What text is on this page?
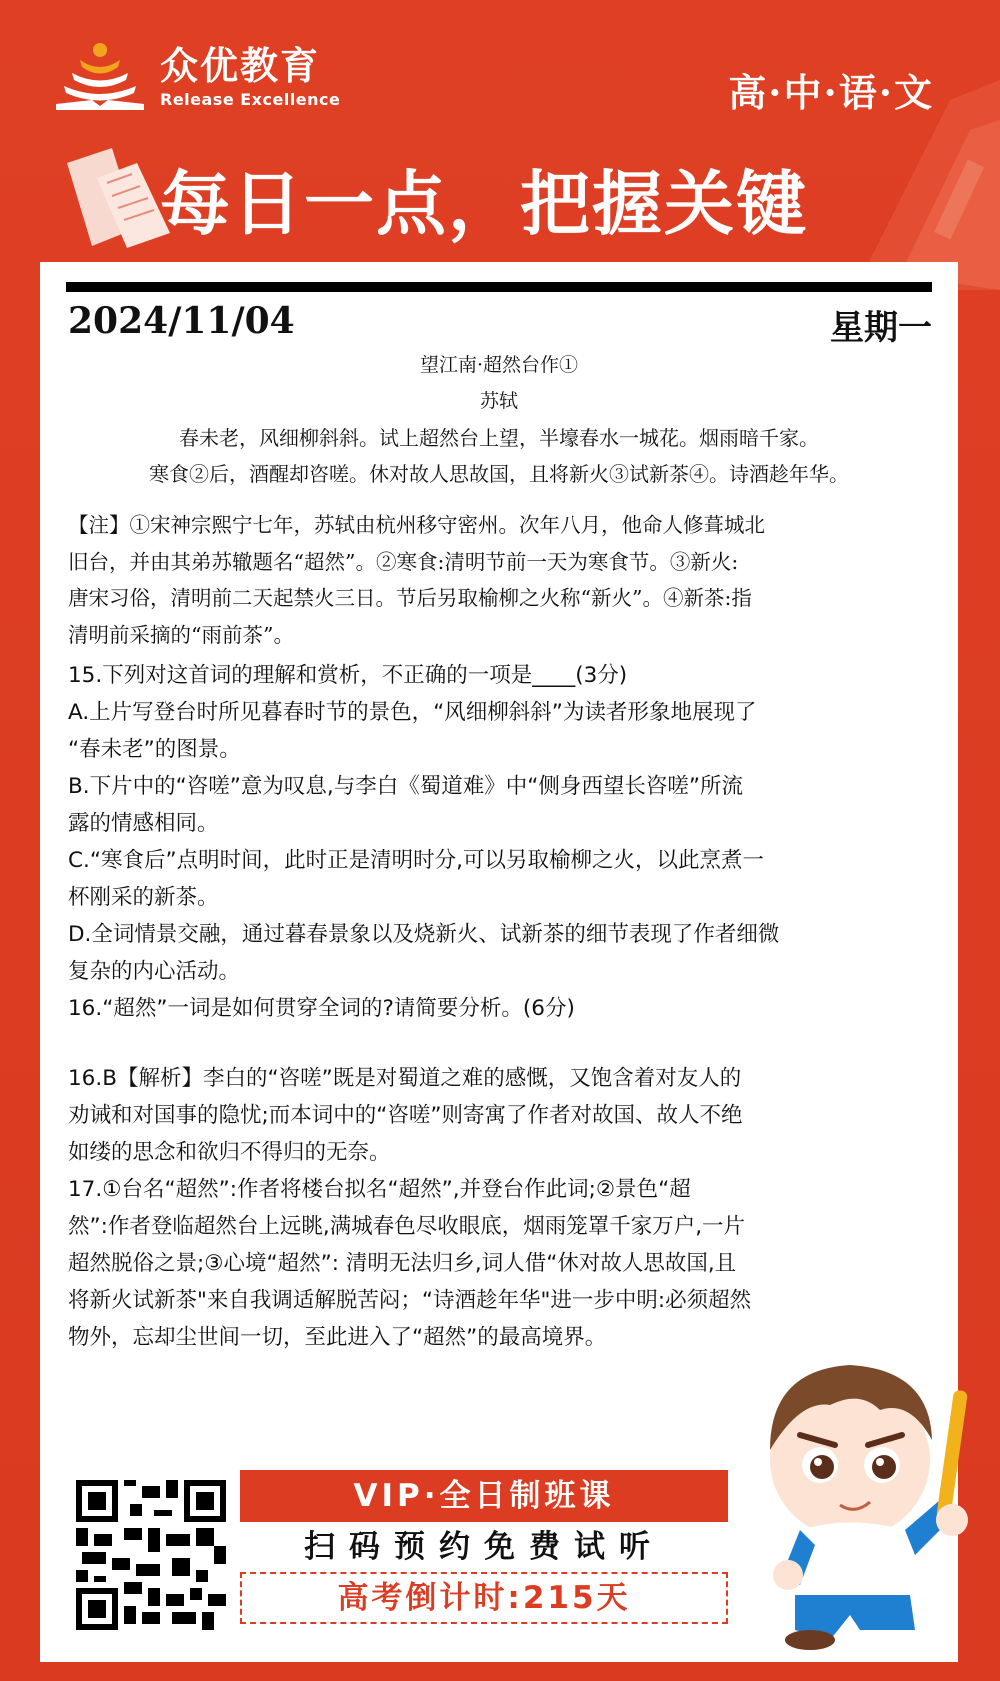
众优教育
Release Excellence	高·中·语·文
每日一点，把握关键
2024/11/04	星期一
望江南·超然台作①
苏轼
春未老，风细柳斜斜。试上超然台上望，半壕春水一城花。烟雨暗千家。
寒食②后，酒醒却咨嗟。休对故人思故国，且将新火③试新茶④。诗酒趁年华。

【注】①宋神宗熙宁七年，苏轼由杭州移守密州。次年八月，他命人修葺城北

旧台，并由其弟苏辙题名“超然”。②寒食:清明节前一天为寒食节。③新火:

唐宋习俗，清明前二天起禁火三日。节后另取榆柳之火称“新火”。④新茶:指

清明前采摘的“雨前茶”。

15.下列对这首词的理解和赏析，不正确的一项是____(3分)

A.上片写登台时所见暮春时节的景色，“风细柳斜斜”为读者形象地展现了

“春未老”的图景。

B.下片中的“咨嗟”意为叹息,与李白《蜀道难》中“侧身西望长咨嗟”所流

露的情感相同。

C.“寒食后”点明时间，此时正是清明时分,可以另取榆柳之火，以此烹煮一

杯刚采的新茶。

D.全词情景交融，通过暮春景象以及烧新火、试新茶的细节表现了作者细微

复杂的内心活动。

16.“超然”一词是如何贯穿全词的?请简要分析。(6分)

16.B【解析】李白的“咨嗟”既是对蜀道之难的感慨，又饱含着对友人的

劝诫和对国事的隐忧;而本词中的“咨嗟”则寄寓了作者对故国、故人不绝

如缕的思念和欲归不得归的无奈。

17.①台名“超然”:作者将楼台拟名“超然”,并登台作此词;②景色“超

然”:作者登临超然台上远眺,满城春色尽收眼底，烟雨笼罩千家万户,一片

超然脱俗之景;③心境“超然”: 清明无法归乡,词人借“休对故人思故国,且

将新火试新茶"来自我调适解脱苦闷；“诗酒趁年华"进一步中明:必须超然

物外，忘却尘世间一切，至此进入了“超然”的最高境界。

VIP·全日制班课
扫码预约免费试听
高考倒计时:215天
